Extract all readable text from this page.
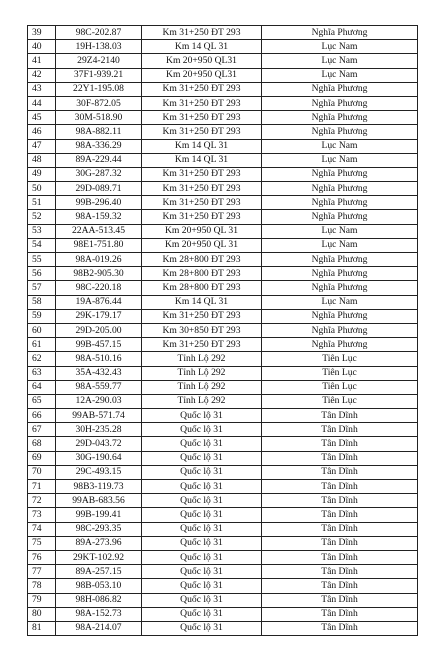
39	98C-202.87	Km 31+250 ĐT 293	Nghĩa Phương
40	19H-138.03	Km 14 QL 31	Lục Nam
41	29Z4-2140	Km 20+950 QL31	Lục Nam
42	37F1-939.21	Km 20+950 QL31	Lục Nam
43	22Y1-195.08	Km 31+250 ĐT 293	Nghĩa Phương
44	30F-872.05	Km 31+250 ĐT 293	Nghĩa Phương
45	30M-518.90	Km 31+250 ĐT 293	Nghĩa Phương
46	98A-882.11	Km 31+250 ĐT 293	Nghĩa Phương
47	98A-336.29	Km 14 QL 31	Lục Nam
48	89A-229.44	Km 14 QL 31	Lục Nam
49	30G-287.32	Km 31+250 ĐT 293	Nghĩa Phương
50	29D-089.71	Km 31+250 ĐT 293	Nghĩa Phương
51	99B-296.40	Km 31+250 ĐT 293	Nghĩa Phương
52	98A-159.32	Km 31+250 ĐT 293	Nghĩa Phương
53	22AA-513.45	Km 20+950 QL 31	Lục Nam
54	98E1-751.80	Km 20+950 QL 31	Lục Nam
55	98A-019.26	Km 28+800 ĐT 293	Nghĩa Phương
56	98B2-905.30	Km 28+800 ĐT 293	Nghĩa Phương
57	98C-220.18	Km 28+800 ĐT 293	Nghĩa Phương
58	19A-876.44	Km 14 QL 31	Lục Nam
59	29K-179.17	Km 31+250 ĐT 293	Nghĩa Phương
60	29D-205.00	Km 30+850 ĐT 293	Nghĩa Phương
61	99B-457.15	Km 31+250 ĐT 293	Nghĩa Phương
62	98A-510.16	Tỉnh Lộ 292	Tiên Lục
63	35A-432.43	Tỉnh Lộ 292	Tiên Lục
64	98A-559.77	Tỉnh Lộ 292	Tiên Lục
65	12A-290.03	Tỉnh Lộ 292	Tiên Lục
66	99AB-571.74	Quốc lộ 31	Tân Dĩnh
67	30H-235.28	Quốc lộ 31	Tân Dĩnh
68	29D-043.72	Quốc lộ 31	Tân Dĩnh
69	30G-190.64	Quốc lộ 31	Tân Dĩnh
70	29C-493.15	Quốc lộ 31	Tân Dĩnh
71	98B3-119.73	Quốc lộ 31	Tân Dĩnh
72	99AB-683.56	Quốc lộ 31	Tân Dĩnh
73	99B-199.41	Quốc lộ 31	Tân Dĩnh
74	98C-293.35	Quốc lộ 31	Tân Dĩnh
75	89A-273.96	Quốc lộ 31	Tân Dĩnh
76	29KT-102.92	Quốc lộ 31	Tân Dĩnh
77	89A-257.15	Quốc lộ 31	Tân Dĩnh
78	98B-053.10	Quốc lộ 31	Tân Dĩnh
79	98H-086.82	Quốc lộ 31	Tân Dĩnh
80	98A-152.73	Quốc lộ 31	Tân Dĩnh
81	98A-214.07	Quốc lộ 31	Tân Dĩnh
